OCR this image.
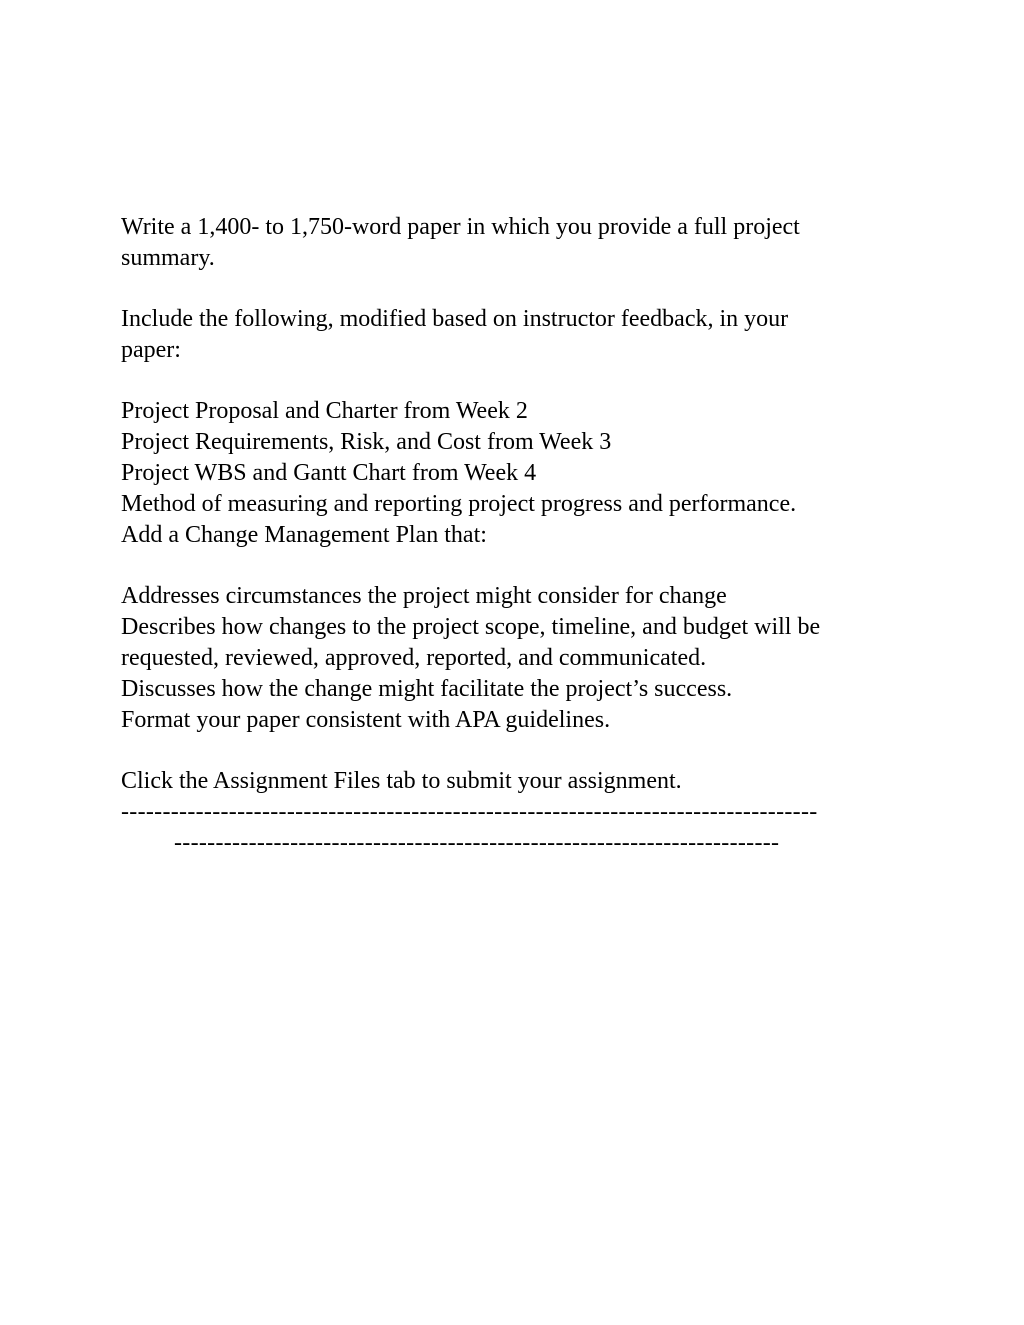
Write a 1,400- to 1,750-word paper in which you provide a full project
summary.

Include the following, modified based on instructor feedback, in your
paper:

Project Proposal and Charter from Week 2
Project Requirements, Risk, and Cost from Week 3
Project WBS and Gantt Chart from Week 4
Method of measuring and reporting project progress and performance.
Add a Change Management Plan that:

Addresses circumstances the project might consider for change
Describes how changes to the project scope, timeline, and budget will be
requested, reviewed, approved, reported, and communicated.
Discusses how the change might facilitate the project’s success.
Format your paper consistent with APA guidelines.

Click the Assignment Files tab to submit your assignment.
------------------------------------------------------------------------------------
-------------------------------------------------------------------------
